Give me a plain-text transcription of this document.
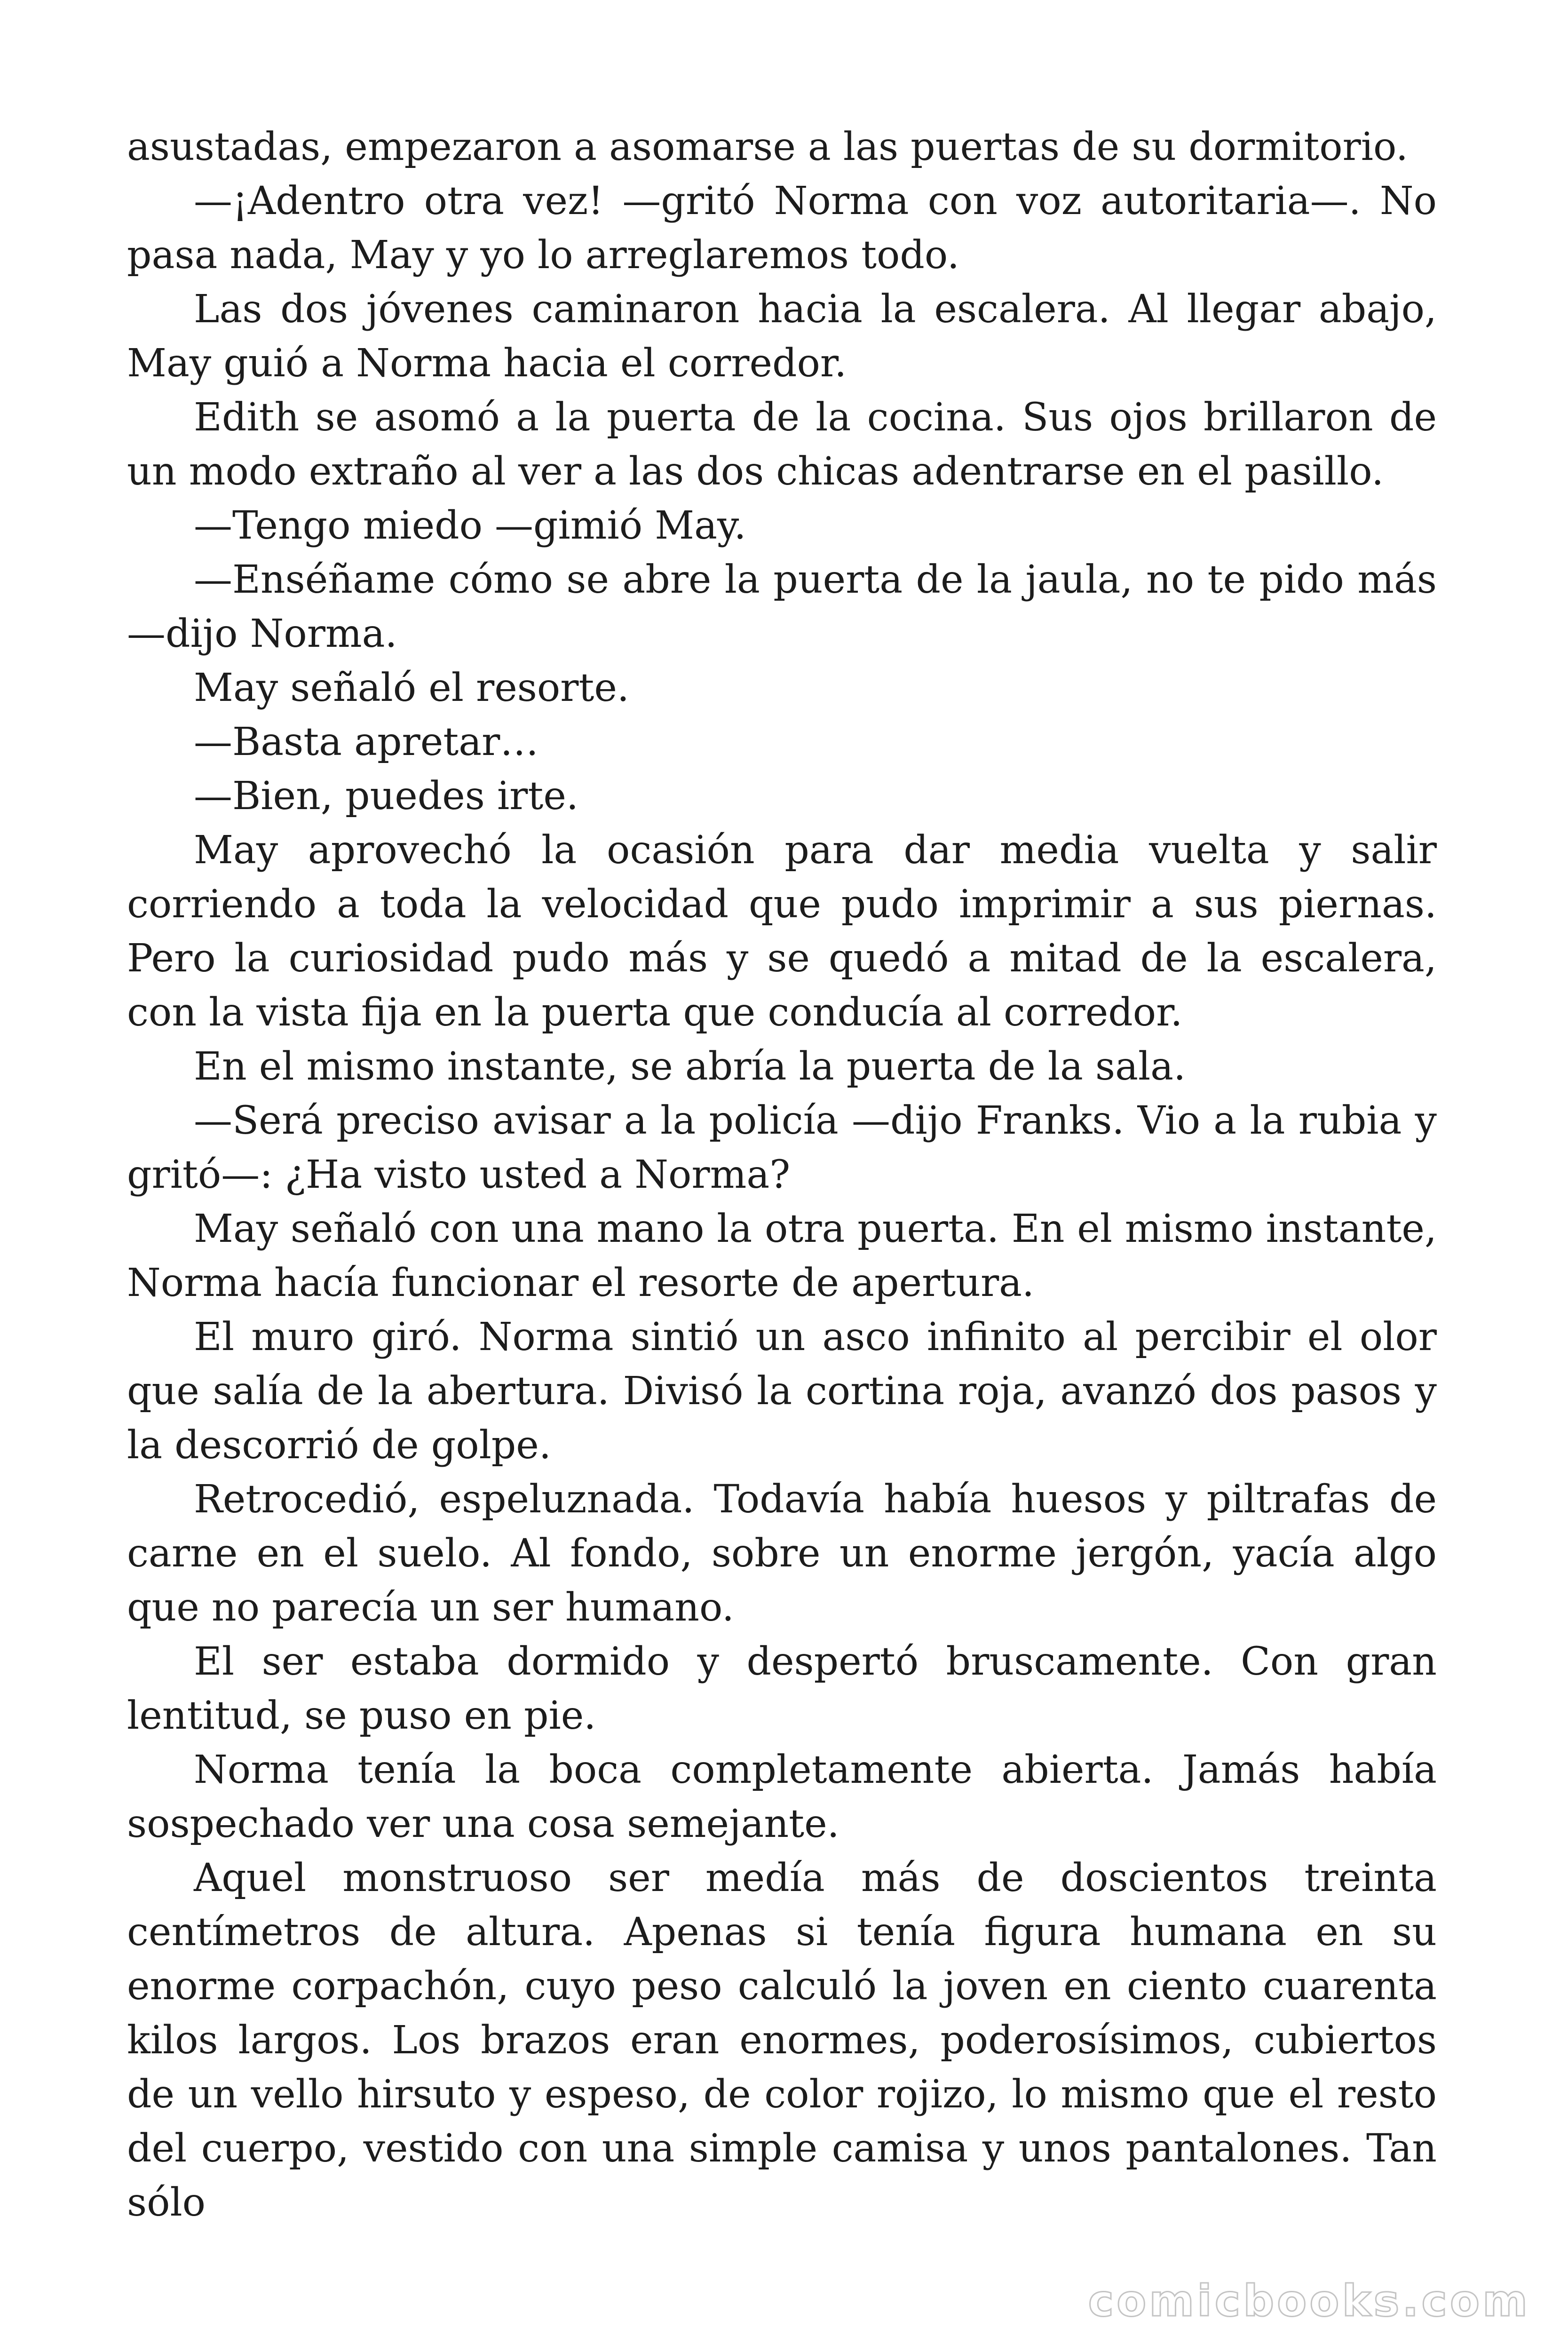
asustadas, empezaron a asomarse a las puertas de su dormitorio.

—¡Adentro otra vez! —gritó Norma con voz autoritaria—. No pasa nada, May y yo lo arreglaremos todo.

Las dos jóvenes caminaron hacia la escalera. Al llegar abajo, May guió a Norma hacia el corredor.

Edith se asomó a la puerta de la cocina. Sus ojos brillaron de un modo extraño al ver a las dos chicas adentrarse en el pasillo.

—Tengo miedo —gimió May.

—Enséñame cómo se abre la puerta de la jaula, no te pido más —dijo Norma.

May señaló el resorte.

—Basta apretar…

—Bien, puedes irte.

May aprovechó la ocasión para dar media vuelta y salir corriendo a toda la velocidad que pudo imprimir a sus piernas. Pero la curiosidad pudo más y se quedó a mitad de la escalera, con la vista fija en la puerta que conducía al corredor.

En el mismo instante, se abría la puerta de la sala.

—Será preciso avisar a la policía —dijo Franks. Vio a la rubia y gritó—: ¿Ha visto usted a Norma?

May señaló con una mano la otra puerta. En el mismo instante, Norma hacía funcionar el resorte de apertura.

El muro giró. Norma sintió un asco infinito al percibir el olor que salía de la abertura. Divisó la cortina roja, avanzó dos pasos y la descorrió de golpe.

Retrocedió, espeluznada. Todavía había huesos y piltrafas de carne en el suelo. Al fondo, sobre un enorme jergón, yacía algo que no parecía un ser humano.

El ser estaba dormido y despertó bruscamente. Con gran lentitud, se puso en pie.

Norma tenía la boca completamente abierta. Jamás había sospechado ver una cosa semejante.

Aquel monstruoso ser medía más de doscientos treinta centímetros de altura. Apenas si tenía figura humana en su enorme corpachón, cuyo peso calculó la joven en ciento cuarenta kilos largos. Los brazos eran enormes, poderosísimos, cubiertos de un vello hirsuto y espeso, de color rojizo, lo mismo que el resto del cuerpo, vestido con una simple camisa y unos pantalones. Tan sólo

comicbooks.com
